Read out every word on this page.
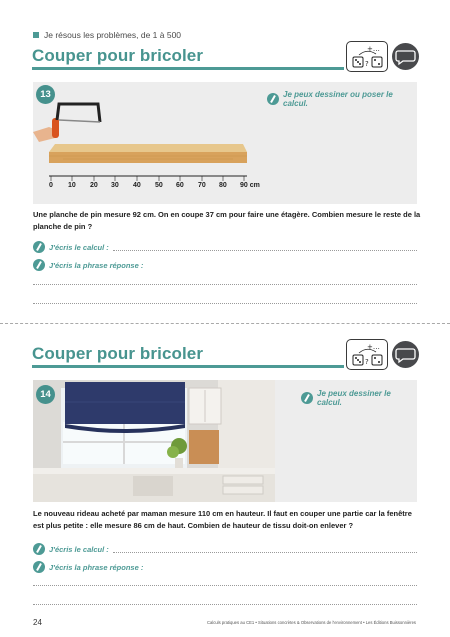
Je résous les problèmes, de 1 à 500
Couper pour bricoler	+…
?
13	Je peux dessiner ou poser le calcul.
0 10 20 30 40 50 60 70 80 90 cm
Une planche de pin mesure 92 cm. On en coupe 37 cm pour faire une étagère. Combien mesure le reste de la planche de pin ?
J'écris le calcul :
J'écris la phrase réponse :
Couper pour bricoler	+…
?
14	Je peux dessiner le calcul.
Le nouveau rideau acheté par maman mesure 110 cm en hauteur. Il faut en couper une partie car la fenêtre est plus petite : elle mesure 86 cm de haut. Combien de hauteur de tissu doit-on enlever ?
J'écris le calcul :
J'écris la phrase réponse :
24	Calculs pratiques au CE1 • Situations concrètes & Observations de l'environnement • Les Éditions Buissonnières
